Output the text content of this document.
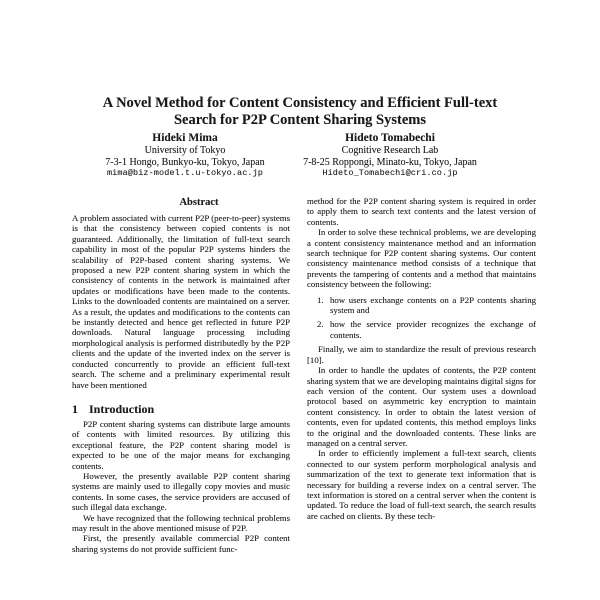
A Novel Method for Content Consistency and Efficient Full-text
Search for P2P Content Sharing Systems
Hideki Mima
University of Tokyo
7-3-1 Hongo, Bunkyo-ku, Tokyo, Japan
mima@biz-model.t.u-tokyo.ac.jp
Hideto Tomabechi
Cognitive Research Lab
7-8-25 Roppongi, Minato-ku, Tokyo, Japan
Hideto_Tomabechi@cri.co.jp
Abstract

A problem associated with current P2P (peer-to-peer) systems is that the consistency between copied contents is not guaranteed. Additionally, the limitation of full-text search capability in most of the popular P2P systems hinders the scalability of P2P-based content sharing systems. We proposed a new P2P content sharing system in which the consistency of contents in the network is maintained after updates or modifications have been made to the contents. Links to the downloaded contents are maintained on a server. As a result, the updates and modifications to the contents can be instantly detected and hence get reflected in future P2P downloads. Natural language processing including morphological analysis is performed distributedly by the P2P clients and the update of the inverted index on the server is conducted concurrently to provide an efficient full-text search. The scheme and a preliminary experimental result have been mentioned

1 Introduction

P2P content sharing systems can distribute large amounts of contents with limited resources. By utilizing this exceptional feature, the P2P content sharing model is expected to be one of the major means for exchanging contents.

However, the presently available P2P content sharing systems are mainly used to illegally copy movies and music contents. In some cases, the service providers are accused of such illegal data exchange.

We have recognized that the following technical problems may result in the above mentioned misuse of P2P.

First, the presently available commercial P2P content sharing systems do not provide sufficient func-

method for the P2P content sharing system is required in order to apply them to search text contents and the latest version of contents.

In order to solve these technical problems, we are developing a content consistency maintenance method and an information search technique for P2P content sharing systems. Our content consistency maintenance method consists of a technique that prevents the tampering of contents and a method that maintains consistency between the following:

1. how users exchange contents on a P2P contents sharing system and
2. how the service provider recognizes the exchange of contents.

Finally, we aim to standardize the result of previous research [10].

In order to handle the updates of contents, the P2P content sharing system that we are developing maintains digital signs for each version of the content. Our system uses a download protocol based on asymmetric key encryption to maintain content consistency. In order to obtain the latest version of contents, even for updated contents, this method employs links to the original and the downloaded contents. These links are managed on a central server.

In order to efficiently implement a full-text search, clients connected to our system perform morphological analysis and summarization of the text to generate text information that is necessary for building a reverse index on a central server. The text information is stored on a central server when the content is updated. To reduce the load of full-text search, the search results are cached on clients. By these tech-
